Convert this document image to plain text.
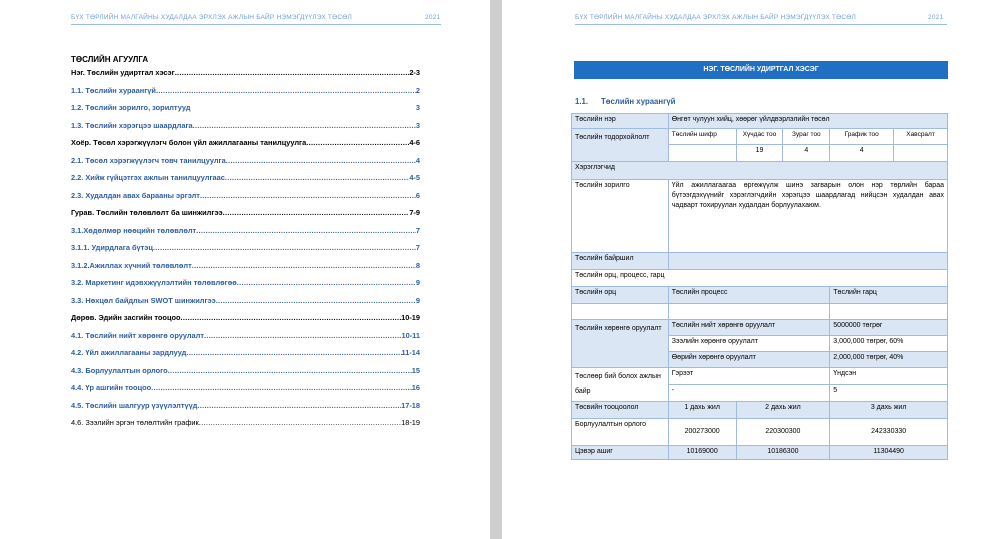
БҮХ ТӨРЛИЙН МАЛГАЙНЫ ХУДАЛДАА ЭРХЛЭХ АЖЛЫН БАЙР НЭМЭГДҮҮЛЭХ ТӨСӨЛ	2021	БҮХ ТӨРЛИЙН МАЛГАЙНЫ ХУДАЛДАА ЭРХЛЭХ АЖЛЫН БАЙР НЭМЭГДҮҮЛЭХ ТӨСӨЛ	2021
ТӨСЛИЙН АГУУЛГА
Нэг. Төслийн удиртгал хэсэг .....	2-3
1.1. Төслийн хураангүй .....	2
1.2. Төслийн зорилго, зорилтууд	3
1.3. Төслийн хэрэгцээ шаардлага .....	3
Хоёр. Төсөл хэрэгжүүлэгч болон үйл ажиллагааны танилцуулга .....	4-6
2.1. Төсөл хэрэгжүүлэгч товч танилцуулга .....	4
2.2. Хийж гүйцэтгэх ажлын танилцуулгаас .....	4-5
2.3. Худалдан авах барааны эргэлт .....	6
Гурав. Төслийн төлөвлөлт ба шинжилгээ .....	7-9
3.1.Хөдөлмөр нөөцийн төлөвлөлт .....	7
3.1.1. Удирдлага бүтэц .....	7
3.1.2.Ажиллах хүчний төлөвлөлт .....	8
3.2. Маркетинг идэвхжүүлэлтийн төлөвлөгөө .....	9
3.3. Нөхцөл байдлын SWOT шинжилгээ .....	9
Дөрөв. Эдийн засгийн тооцоо .....	10-19
4.1. Төслийн нийт хөрөнгө оруулалт .....	10-11
4.2. Үйл ажиллагааны зардлууд .....	11-14
4.3. Борлуулалтын орлого .....	15
4.4. Үр ашгийн тооцоо .....	16
4.5. Төслийн шалгуур үзүүлэлтүүд .....	17-18
4.6. Зээлийн эргэн төлөлтийн график .....	18-19
НЭГ. ТӨСЛИЙН УДИРТГАЛ ХЭСЭГ
1.1. Төслийн хураангүй
Төслийн нэр	Өнгөт чулуун хийц, хөөрөг үйлдвэрлэлийн төсөл				
Төслийн тодорхойлолт	Төслийн шифр	Хүчдас тоо	Зураг тоо	График тоо	Хавсралт
		19	4	4	
Хэрэглэгчид					
Төслийн зорилго	Үйл ажиллагаагаа өргөжүүлж шинэ загварын олон нэр төрлийн бараа бүтээгдэхүүнийг хэрэглэгчдийн хэрэгцээ шаардлагад нийцсэн худалдан авах чадварт тохируулан худалдан борлуулахаюм.				
Төслийн байршил					
Төслийн орц, процесс, гарц					
Төслийн орц	Төслийн процесс			Төслийн гарц	

Төслийн хөрөнгө оруулалт	Төслийн нийт хөрөнгө оруулалт			5000000 төгрөг	
	Зээлийн хөрөнгө оруулалт			3,000,000 төгрөг, 60%	
	Өөрийн хөрөнгө оруулалт			2,000,000 төгрөг, 40%	
Төслөөр бий болох ажлын байр	Гэрээт			Үндсэн	
	-			5	
Төсвийн тооцоолол	1 дахь жил	2 дахь жил		3 дахь жил	
Борлуулалтын орлого	200273000	220300300		242330330	
Цэвэр ашиг	10169000	10186300		11304490	
